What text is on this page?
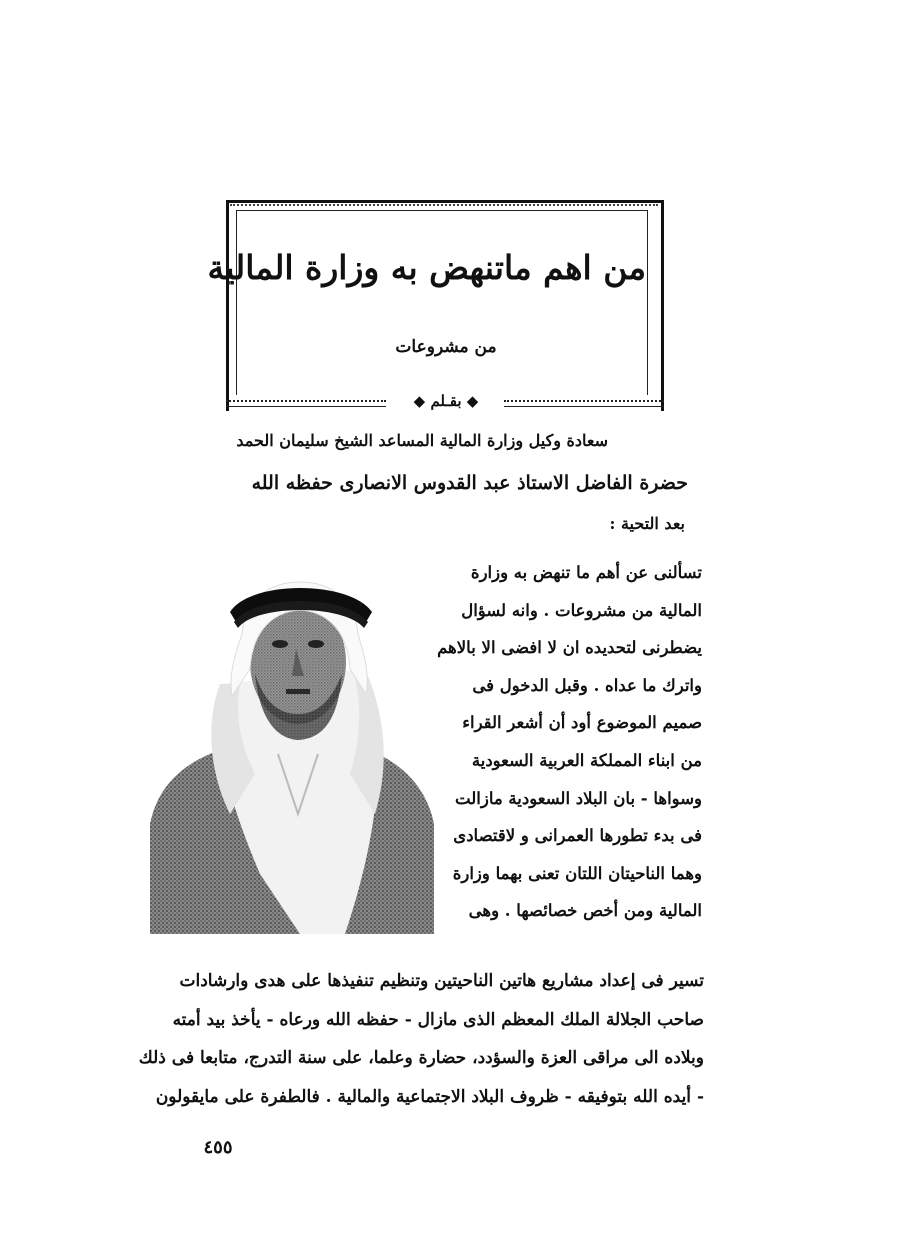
من اهم ماتنهض به وزارة المالية
من مشروعات
◆ بقـلم ◆
سعادة وكيل وزارة المالية المساعد الشيخ سليمان الحمد
حضرة الفاضل الاستاذ عبد القدوس الانصارى حفظه الله
بعد التحية :

تسألنى عن أهم ما تنهض به وزارة

المالية من مشروعات . وانه لسؤال

يضطرنى لتحديده ان لا افضى الا بالاهم

واترك ما عداه . وقبل الدخول فى

صميم الموضوع أود أن أشعر القراء

من ابناء المملكة العربية السعودية

وسواها - بان البلاد السعودية مازالت

فى بدء تطورها العمرانى و لاقتصادى

وهما الناحيتان اللتان تعنى بهما وزارة

المالية ومن أخص خصائصها . وهى

تسير فى إعداد مشاريع هاتين الناحيتين وتنظيم تنفيذها على هدى وارشادات

صاحب الجلالة الملك المعظم الذى مازال - حفظه الله ورعاه - يأخذ بيد أمته

وبلاده الى مراقى العزة والسؤدد، حضارة وعلما، على سنة التدرج، متابعا فى ذلك

- أيده الله بتوفيقه - ظروف البلاد الاجتماعية والمالية . فالطفرة على مايقولون

٤٥٥
